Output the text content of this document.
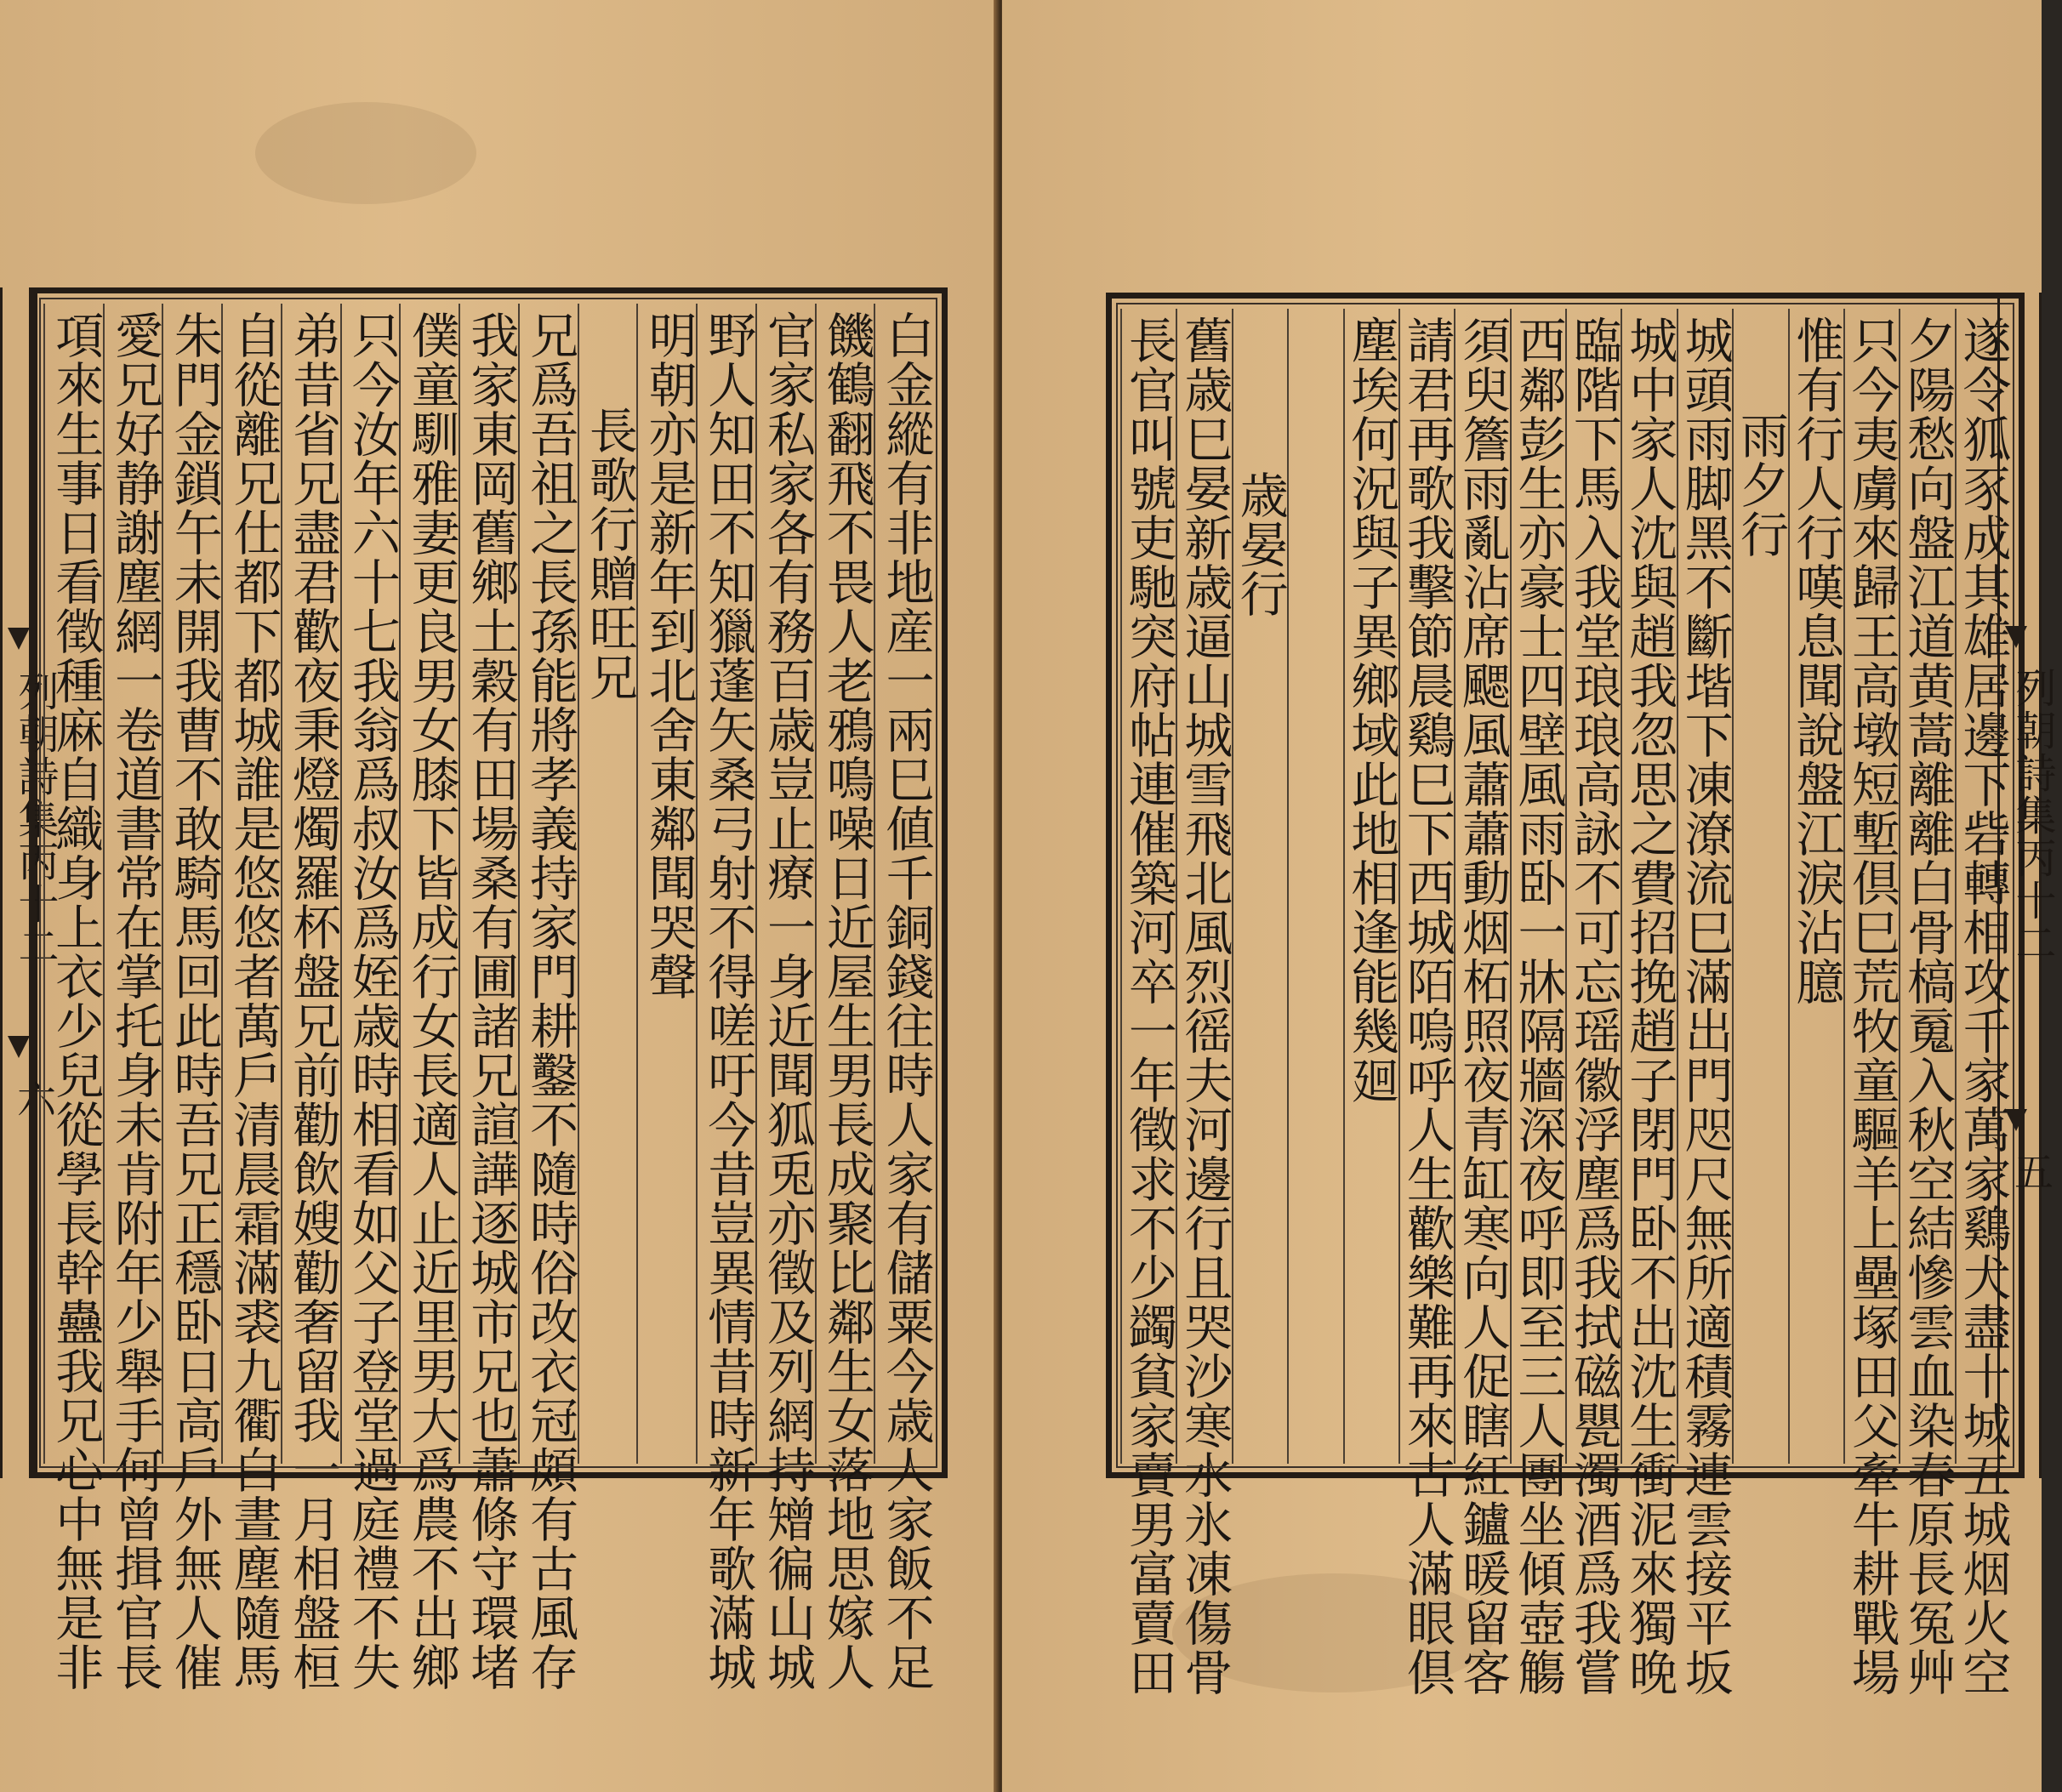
列朝詩集丙十二
六	白金縱有非地産一兩巳値千銅錢往時人家有儲粟今歳人家飯不足
饑鶴翻飛不畏人老鴉鳴噪日近屋生男長成聚比鄰生女落地思嫁人
官家私家各有務百歳豈止療一身近聞狐兎亦徵及列網持矰徧山城
野人知田不知獵蓬矢桑弓射不得嗟吁今昔豈異情昔時新年歌滿城
明朝亦是新年到北舍東鄰聞哭聲
長歌行贈旺兄
兄爲吾祖之長孫能將孝義持家門耕鑿不隨時俗改衣冠頗有古風存
我家東岡舊鄉土穀有田場桑有圃諸兄諠譁逐城市兄也蕭條守環堵
僕童馴雅妻更良男女膝下皆成行女長適人止近里男大爲農不出鄉
只今汝年六十七我翁爲叔汝爲姪歳時相看如父子登堂過庭禮不失
弟昔省兄盡君歡夜秉燈燭羅杯盤兄前勸飲嫂勸奢留我一月相盤桓
自從離兄仕都下都城誰是悠悠者萬戶清晨霜滿裘九衢白晝塵隨馬
朱門金鎖午未開我曹不敢騎馬回此時吾兄正穩卧日高戶外無人催
愛兄好静謝塵網一卷道書常在掌托身未肯附年少舉手何曾揖官長
項來生事日看徵種麻自織身上衣少兒從學長幹蠱我兄心中無是非	遂令狐豕成其雄居邊下砦轉相攻千家萬家鷄犬盡十城五城烟火空
夕陽愁向盤江道黄蒿離離白骨槁䰟入秋空結慘雲血染春原長冤艸
只今夷虜來歸王高墩短塹倶巳荒牧童驅羊上壘塚田父牽牛耕戰場
惟有行人行嘆息聞說盤江淚沾臆
雨夕行
城頭雨脚黑不斷堦下凍潦流巳滿出門咫尺無所適積霧連雲接平坂
城中家人沈與趙我忽思之費招挽趙子閉門卧不出沈生衝泥來獨晚
臨階下馬入我堂琅琅高詠不可忘瑶徽浮塵爲我拭磁甖濁酒爲我嘗
西鄰彭生亦豪士四壁風雨卧一牀隔牆深夜呼即至三人團坐傾壺觴
須臾簷雨亂沾席颸風蕭蕭動烟柘照夜青缸寒向人促瞎紅鑪暖留客
請君再歌我擊節晨鷄巳下西城陌嗚呼人生歡樂難再來古人滿眼倶
塵埃何況與子異鄉域此地相逢能幾廻
歳晏行
舊歳巳晏新歳逼山城雪飛北風烈徭夫河邊行且哭沙寒水氷凍傷骨
長官叫號吏馳突府帖連催築河卒一年徵求不少蠲貧家賣男富賣田	列朝詩集丙十二
五
